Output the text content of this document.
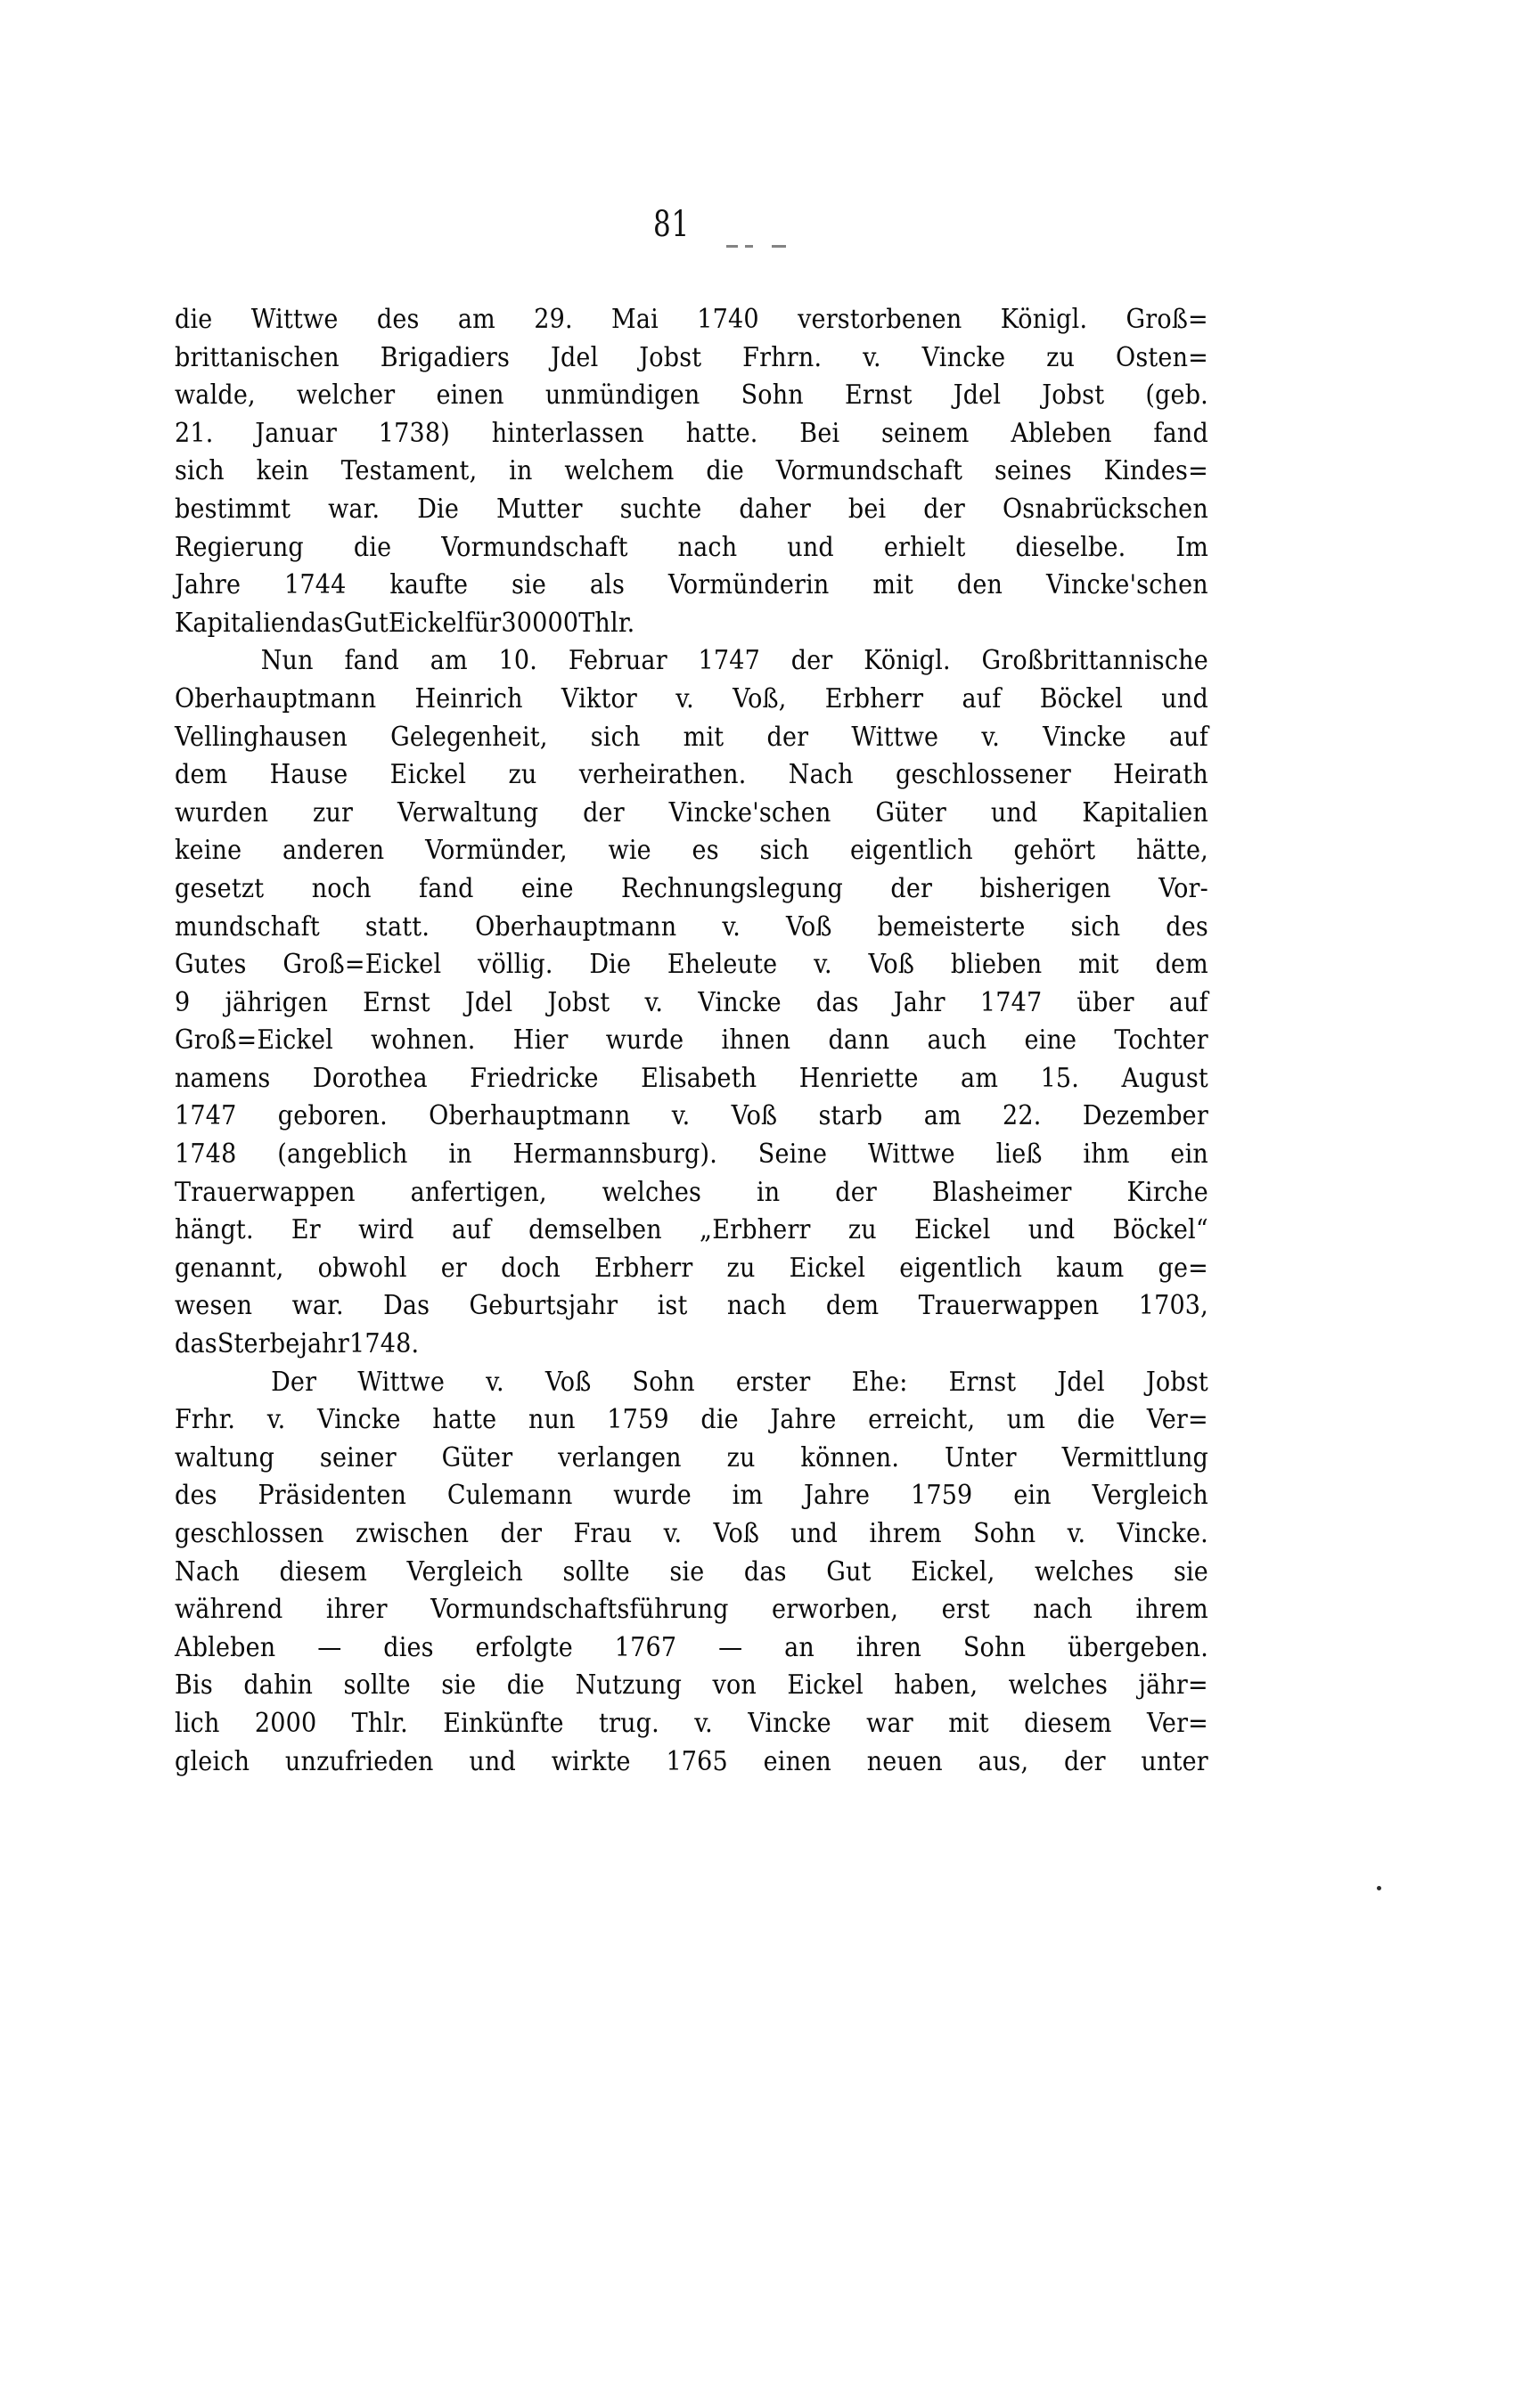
81
die Wittwe des am 29. Mai 1740 verstorbenen Königl. Groß=
brittanischen Brigadiers Jdel Jobst Frhrn. v. Vincke zu Osten=
walde, welcher einen unmündigen Sohn Ernst Jdel Jobst (geb.
21. Januar 1738) hinterlassen hatte. Bei seinem Ableben fand
sich kein Testament, in welchem die Vormundschaft seines Kindes=
bestimmt war. Die Mutter suchte daher bei der Osnabrückschen
Regierung die Vormundschaft nach und erhielt dieselbe. Im
Jahre 1744 kaufte sie als Vormünderin mit den Vincke'schen
Kapitalien das Gut Eickel für 30 000 Thlr.
Nun fand am 10. Februar 1747 der Königl. Großbrittannische
Oberhauptmann Heinrich Viktor v. Voß, Erbherr auf Böckel und
Vellinghausen Gelegenheit, sich mit der Wittwe v. Vincke auf
dem Hause Eickel zu verheirathen. Nach geschlossener Heirath
wurden zur Verwaltung der Vincke'schen Güter und Kapitalien
keine anderen Vormünder, wie es sich eigentlich gehört hätte,
gesetzt noch fand eine Rechnungslegung der bisherigen Vor-
mundschaft statt. Oberhauptmann v. Voß bemeisterte sich des
Gutes Groß=Eickel völlig. Die Eheleute v. Voß blieben mit dem
9 jährigen Ernst Jdel Jobst v. Vincke das Jahr 1747 über auf
Groß=Eickel wohnen. Hier wurde ihnen dann auch eine Tochter
namens Dorothea Friedricke Elisabeth Henriette am 15. August
1747 geboren. Oberhauptmann v. Voß starb am 22. Dezember
1748 (angeblich in Hermannsburg). Seine Wittwe ließ ihm ein
Trauerwappen anfertigen, welches in der Blasheimer Kirche
hängt. Er wird auf demselben „Erbherr zu Eickel und Böckel“
genannt, obwohl er doch Erbherr zu Eickel eigentlich kaum ge=
wesen war. Das Geburtsjahr ist nach dem Trauerwappen 1703,
das Sterbejahr 1748.
Der Wittwe v. Voß Sohn erster Ehe: Ernst Jdel Jobst
Frhr. v. Vincke hatte nun 1759 die Jahre erreicht, um die Ver=
waltung seiner Güter verlangen zu können. Unter Vermittlung
des Präsidenten Culemann wurde im Jahre 1759 ein Vergleich
geschlossen zwischen der Frau v. Voß und ihrem Sohn v. Vincke.
Nach diesem Vergleich sollte sie das Gut Eickel, welches sie
während ihrer Vormundschaftsführung erworben, erst nach ihrem
Ableben — dies erfolgte 1767 — an ihren Sohn übergeben.
Bis dahin sollte sie die Nutzung von Eickel haben, welches jähr=
lich 2000 Thlr. Einkünfte trug. v. Vincke war mit diesem Ver=
gleich unzufrieden und wirkte 1765 einen neuen aus, der unter
